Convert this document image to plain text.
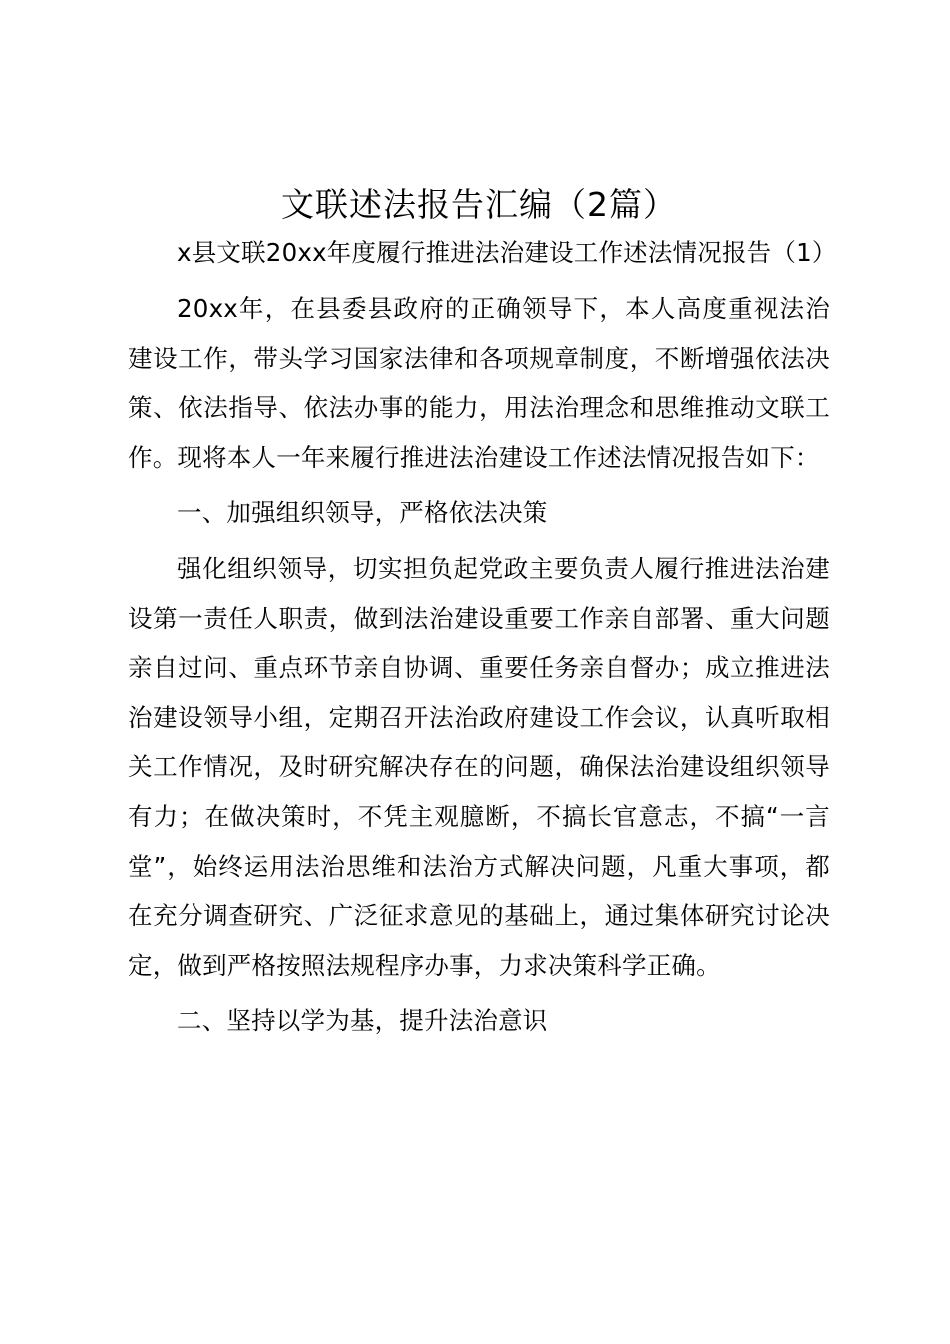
文联述法报告汇编（2篇）

x县文联20xx年度履行推进法治建设工作述法情况报告（1）

20xx年，在县委县政府的正确领导下，本人高度重视法治建设工作，带头学习国家法律和各项规章制度，不断增强依法决策、依法指导、依法办事的能力，用法治理念和思维推动文联工作。现将本人一年来履行推进法治建设工作述法情况报告如下：

一、加强组织领导，严格依法决策

强化组织领导，切实担负起党政主要负责人履行推进法治建设第一责任人职责，做到法治建设重要工作亲自部署、重大问题亲自过问、重点环节亲自协调、重要任务亲自督办；成立推进法治建设领导小组，定期召开法治政府建设工作会议，认真听取相关工作情况，及时研究解决存在的问题，确保法治建设组织领导有力；在做决策时，不凭主观臆断，不搞长官意志，不搞“一言堂”，始终运用法治思维和法治方式解决问题，凡重大事项，都在充分调查研究、广泛征求意见的基础上，通过集体研究讨论决定，做到严格按照法规程序办事，力求决策科学正确。

二、坚持以学为基，提升法治意识
